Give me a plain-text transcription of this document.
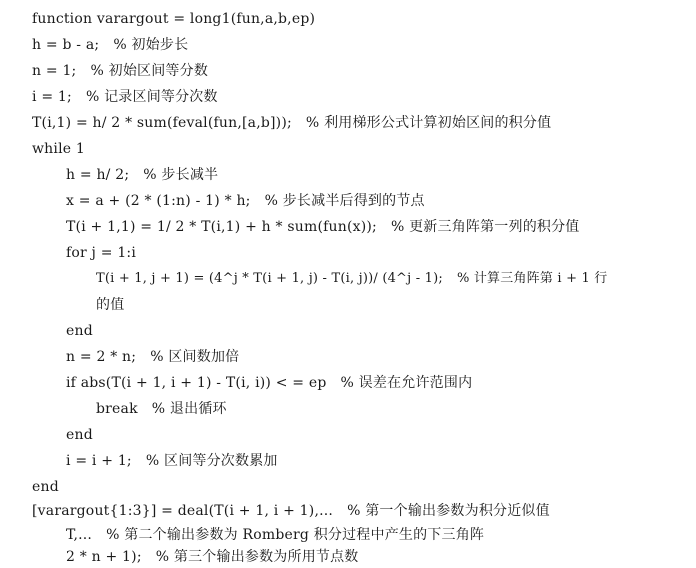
function varargout = long1(fun,a,b,ep)
h = b - a; % 初始步长
n = 1; % 初始区间等分数
i = 1; % 记录区间等分次数
T(i,1) = h/ 2 * sum(feval(fun,[a,b])); % 利用梯形公式计算初始区间的积分值
while 1
h = h/ 2; % 步长减半
x = a + (2 * (1:n) - 1) * h; % 步长减半后得到的节点
T(i + 1,1) = 1/ 2 * T(i,1) + h * sum(fun(x)); % 更新三角阵第一列的积分值
for j = 1:i
T(i + 1, j + 1) = (4^j * T(i + 1, j) - T(i, j))/ (4^j - 1); % 计算三角阵第 i + 1 行
的值
end
n = 2 * n; % 区间数加倍
if abs(T(i + 1, i + 1) - T(i, i)) < = ep % 误差在允许范围内
break % 退出循环
end
i = i + 1; % 区间等分次数累加
end
[varargout{1:3}] = deal(T(i + 1, i + 1),... % 第一个输出参数为积分近似值
T,... % 第二个输出参数为 Romberg 积分过程中产生的下三角阵
2 * n + 1); % 第三个输出参数为所用节点数
